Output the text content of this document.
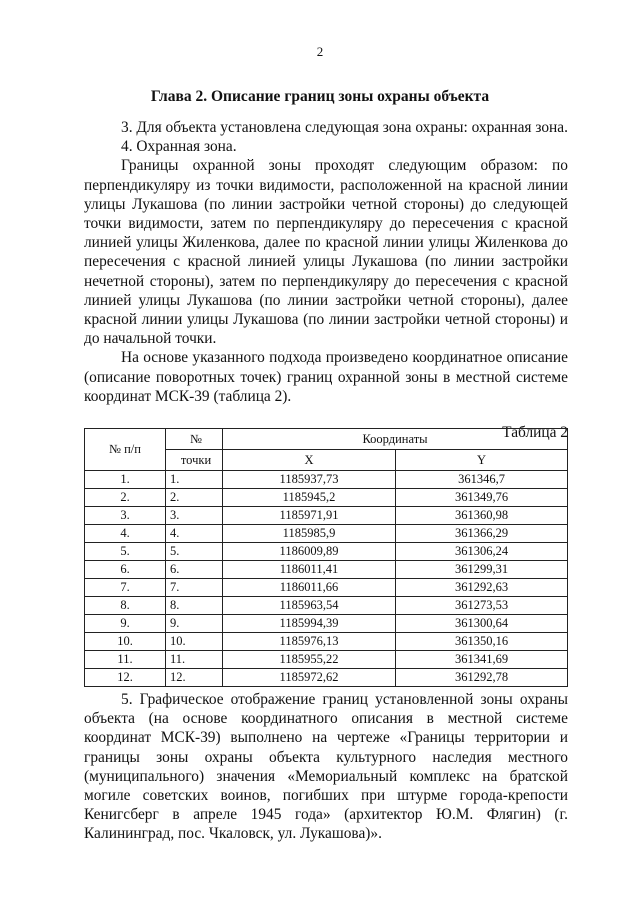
2
Глава 2. Описание границ зоны охраны объекта

3. Для объекта установлена следующая зона охраны: охранная зона.

4. Охранная зона.

Границы охранной зоны проходят следующим образом: по перпендикуляру из точки видимости, расположенной на красной линии улицы Лукашова (по линии застройки четной стороны) до следующей точки видимости, затем по перпендикуляру до пересечения с красной линией улицы Жиленкова, далее по красной линии улицы Жиленкова до пересечения с красной линией улицы Лукашова (по линии застройки нечетной стороны), затем по перпендикуляру до пересечения с красной линией улицы Лукашова (по линии застройки четной стороны), далее красной линии улицы Лукашова (по линии застройки четной стороны) и до начальной точки.

На основе указанного подхода произведено координатное описание (описание поворотных точек) границ охранной зоны в местной системе координат МСК-39 (таблица 2).

Таблица 2
№ п/п	№	Координаты	
	точки	X	Y
1.	1.	1185937,73	361346,7
2.	2.	1185945,2	361349,76
3.	3.	1185971,91	361360,98
4.	4.	1185985,9	361366,29
5.	5.	1186009,89	361306,24
6.	6.	1186011,41	361299,31
7.	7.	1186011,66	361292,63
8.	8.	1185963,54	361273,53
9.	9.	1185994,39	361300,64
10.	10.	1185976,13	361350,16
11.	11.	1185955,22	361341,69
12.	12.	1185972,62	361292,78

5. Графическое отображение границ установленной зоны охраны объекта (на основе координатного описания в местной системе координат МСК-39) выполнено на чертеже «Границы территории и границы зоны охраны объекта культурного наследия местного (муниципального) значения «Мемориальный комплекс на братской могиле советских воинов, погибших при штурме города-крепости Кенигсберг в апреле 1945 года» (архитектор Ю.М. Флягин) (г. Калининград, пос. Чкаловск, ул. Лукашова)».
